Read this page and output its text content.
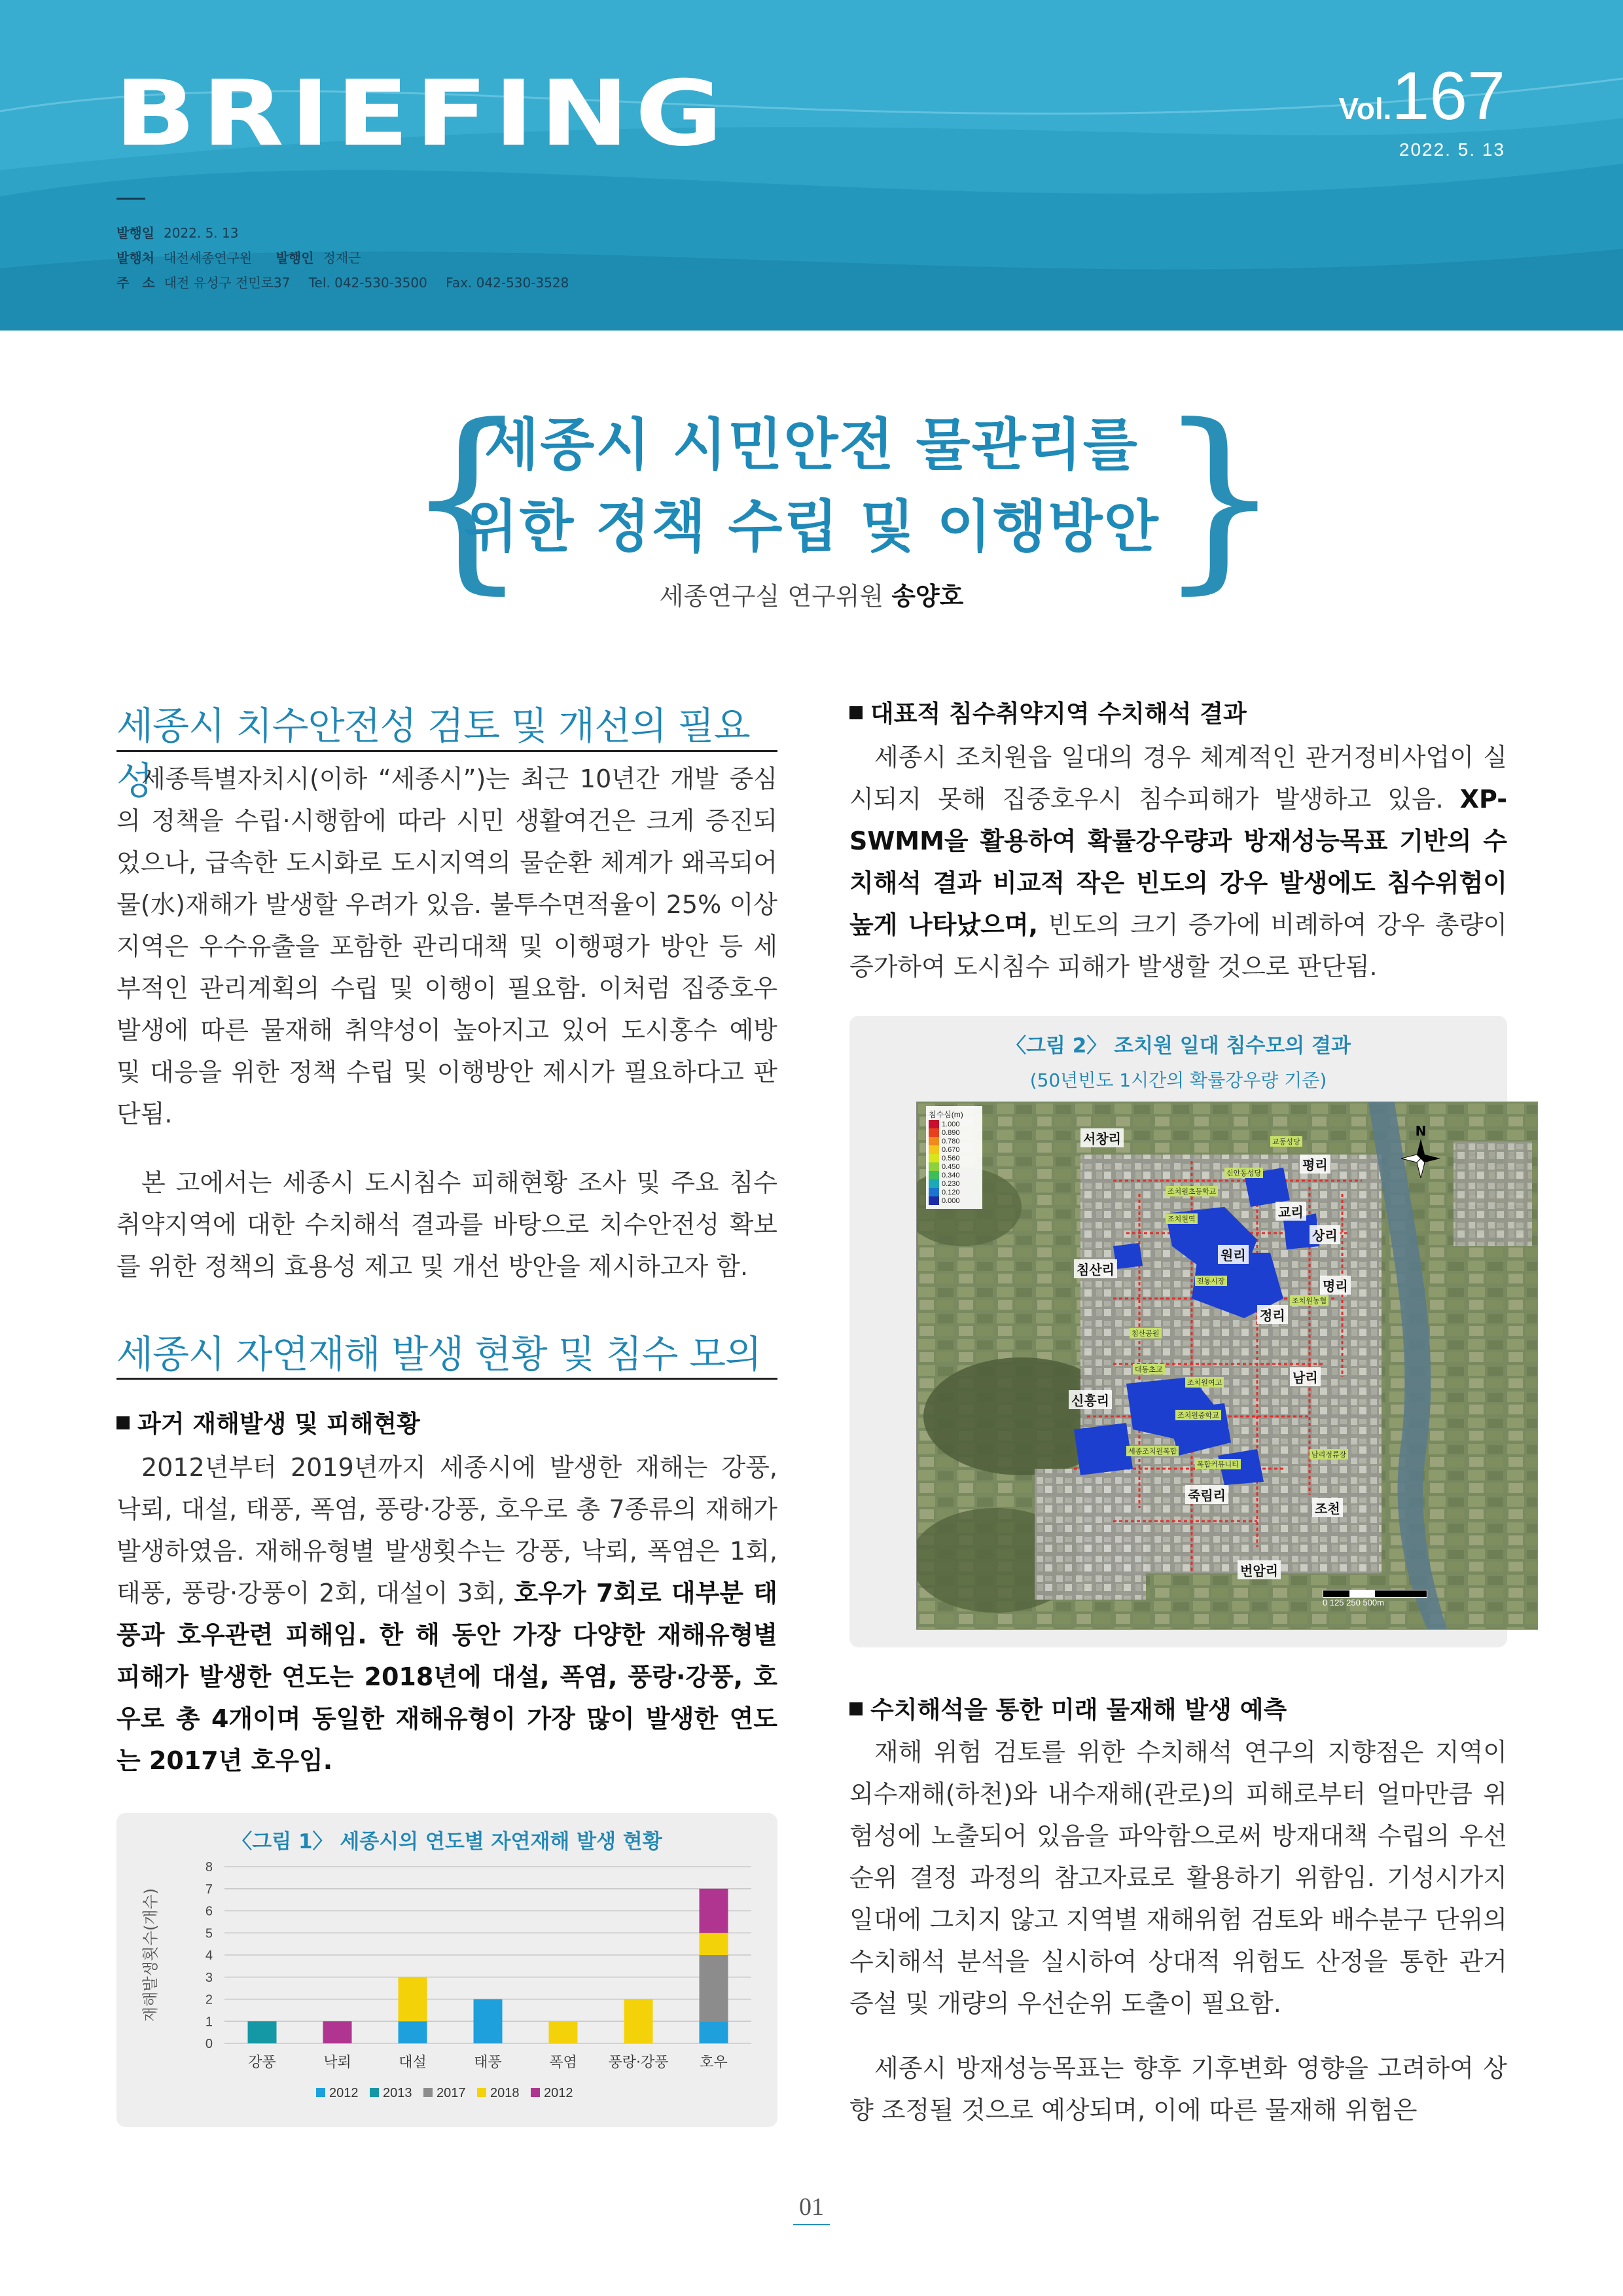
BRIEFING	Vol.167
2022. 5. 13
발행일 2022. 5. 13
발행처 대전세종연구원 발행인 정재근
주　소 대전 유성구 전민로37 Tel. 042-530-3500 Fax. 042-530-3528
{	}
세종시 시민안전 물관리를
위한 정책 수립 및 이행방안
세종연구실 연구위원 송양호
세종시 치수안전성 검토 및 개선의 필요성
세종특별자치시(이하 “세종시”)는 최근 10년간 개발 중심의 정책을 수립·시행함에 따라 시민 생활여건은 크게 증진되었으나, 급속한 도시화로 도시지역의 물순환 체계가 왜곡되어 물(水)재해가 발생할 우려가 있음. 불투수면적율이 25% 이상 지역은 우수유출을 포함한 관리대책 및 이행평가 방안 등 세부적인 관리계획의 수립 및 이행이 필요함. 이처럼 집중호우 발생에 따른 물재해 취약성이 높아지고 있어 도시홍수 예방 및 대응을 위한 정책 수립 및 이행방안 제시가 필요하다고 판단됨.
본 고에서는 세종시 도시침수 피해현황 조사 및 주요 침수 취약지역에 대한 수치해석 결과를 바탕으로 치수안전성 확보를 위한 정책의 효용성 제고 및 개선 방안을 제시하고자 함.
세종시 자연재해 발생 현황 및 침수 모의
과거 재해발생 및 피해현황
2012년부터 2019년까지 세종시에 발생한 재해는 강풍, 낙뢰, 대설, 태풍, 폭염, 풍랑·강풍, 호우로 총 7종류의 재해가 발생하였음. 재해유형별 발생횟수는 강풍, 낙뢰, 폭염은 1회, 태풍, 풍랑·강풍이 2회, 대설이 3회, 호우가 7회로 대부분 태풍과 호우관련 피해임. 한 해 동안 가장 다양한 재해유형별 피해가 발생한 연도는 2018년에 대설, 폭염, 풍랑·강풍, 호우로 총 4개이며 동일한 재해유형이 가장 많이 발생한 연도는 2017년 호우임.
〈그림 1〉 세종시의 연도별 자연재해 발생 현황
0
1
2
3
4
5
6
7
8
재해발생횟수(개수)
강풍	낙뢰	대설	태풍	폭염 풍랑·강풍 호우
2012 2013 2017 2018 2012
대표적 침수취약지역 수치해석 결과
세종시 조치원읍 일대의 경우 체계적인 관거정비사업이 실시되지 못해 집중호우시 침수피해가 발생하고 있음. XP-SWMM을 활용하여 확률강우량과 방재성능목표 기반의 수치해석 결과 비교적 작은 빈도의 강우 발생에도 침수위험이 높게 나타났으며, 빈도의 크기 증가에 비례하여 강우 총량이 증가하여 도시침수 피해가 발생할 것으로 판단됨.
〈그림 2〉 조치원 일대 침수모의 결과
(50년빈도 1시간의 확률강우량 기준)
침수심(m)
1.000
0.890
0.780
0.670
0.560
0.450
0.340
0.230
0.120
0.000
N
서창리
평리
교리
상리
원리
침산리
명리
정리
남리
신흥리
죽림리
조천
번암리
교동성당
신안동성당
조치원초등학교
조치원역
전통시장
조치원농협
침산공원
대동초교
세종조치원복합
조치원중학교
복합커뮤니티
조치원여고
남리정류장
0 125 250 500m
수치해석을 통한 미래 물재해 발생 예측
재해 위험 검토를 위한 수치해석 연구의 지향점은 지역이 외수재해(하천)와 내수재해(관로)의 피해로부터 얼마만큼 위험성에 노출되어 있음을 파악함으로써 방재대책 수립의 우선순위 결정 과정의 참고자료로 활용하기 위함임. 기성시가지 일대에 그치지 않고 지역별 재해위험 검토와 배수분구 단위의 수치해석 분석을 실시하여 상대적 위험도 산정을 통한 관거 증설 및 개량의 우선순위 도출이 필요함.
세종시 방재성능목표는 향후 기후변화 영향을 고려하여 상향 조정될 것으로 예상되며, 이에 따른 물재해 위험은
01
